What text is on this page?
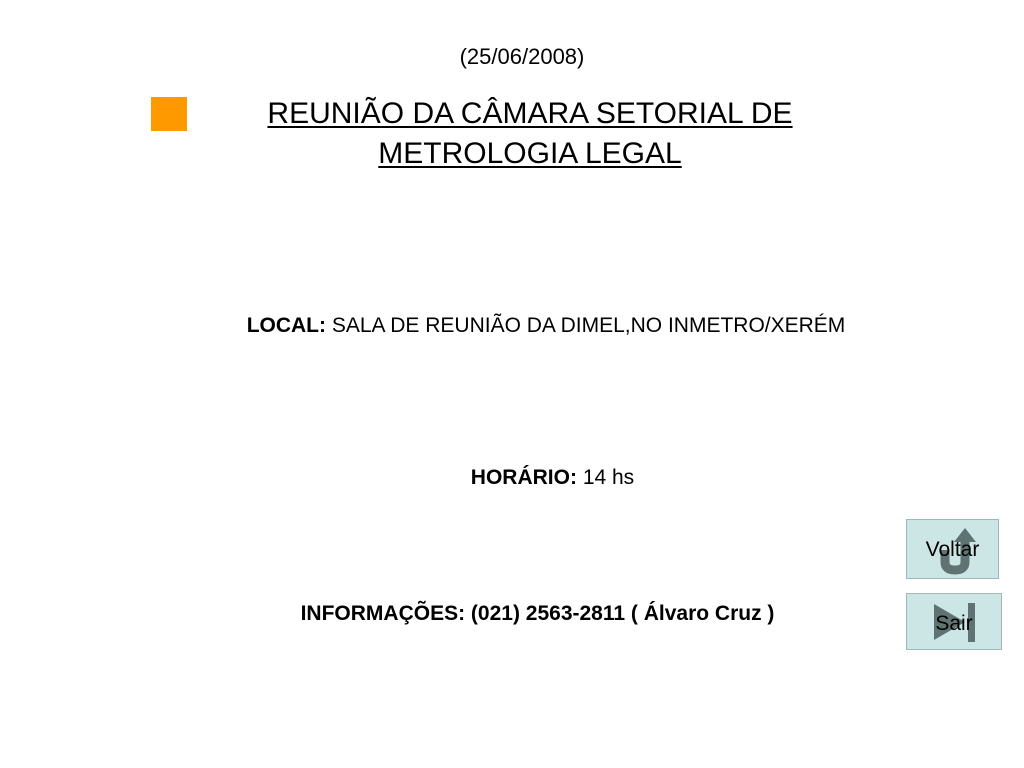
(25/06/2008)
REUNIÃO DA CÂMARA SETORIAL DE
METROLOGIA LEGAL
LOCAL: SALA DE REUNIÃO DA DIMEL,NO INMETRO/XERÉM
HORÁRIO: 14 hs
INFORMAÇÕES: (021) 2563-2811 ( Álvaro Cruz )
Voltar
Sair
